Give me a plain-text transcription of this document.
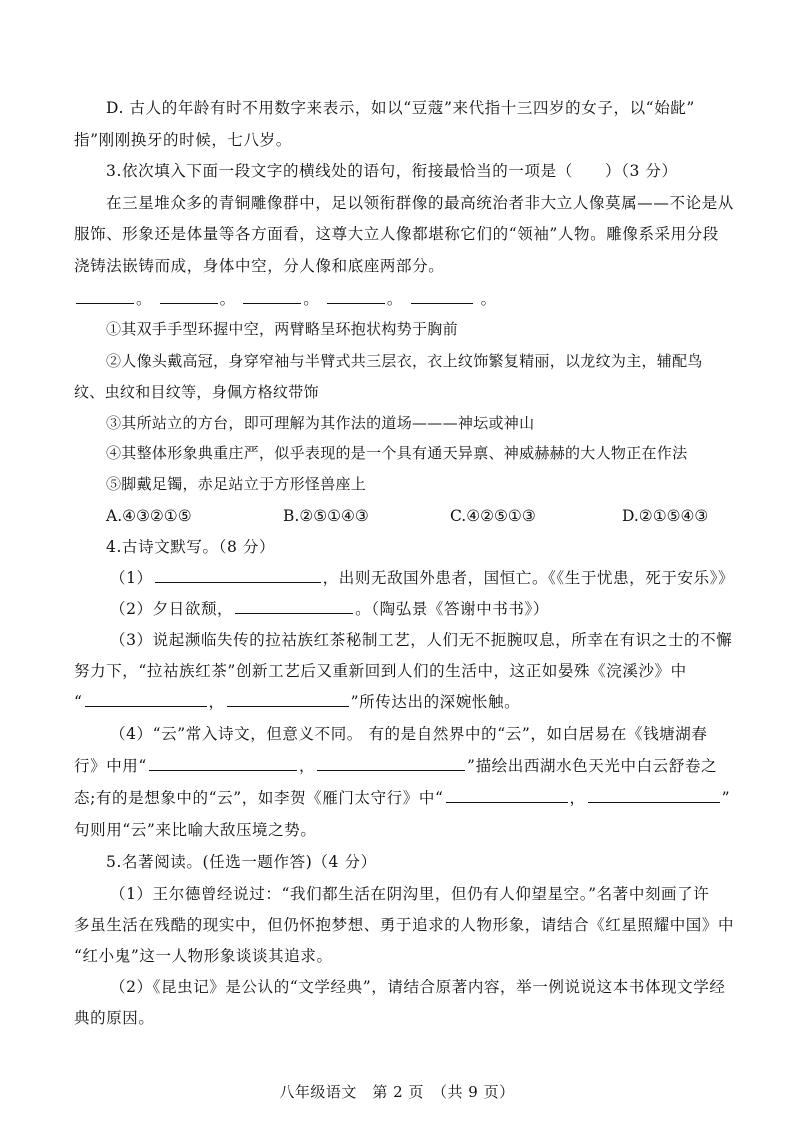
D. 古人的年龄有时不用数字来表示，如以“豆蔻”来代指十三四岁的女子，以“始龀”
指”刚刚换牙的时候，七八岁。
3.依次填入下面一段文字的横线处的语句，衔接最恰当的一项是（　　）（3 分）
在三星堆众多的青铜雕像群中，足以领衔群像的最高统治者非大立人像莫属——不论是从
服饰、形象还是体量等各方面看，这尊大立人像都堪称它们的“领袖”人物。雕像系采用分段
浇铸法嵌铸而成，身体中空，分人像和底座两部分。
。	。	。	。	。
①其双手手型环握中空，两臂略呈环抱状构势于胸前
②人像头戴高冠，身穿窄袖与半臂式共三层衣，衣上纹饰繁复精丽，以龙纹为主，辅配鸟
纹、虫纹和目纹等，身佩方格纹带饰
③其所站立的方台，即可理解为其作法的道场———神坛或神山
④其整体形象典重庄严，似乎表现的是一个具有通天异禀、神威赫赫的大人物正在作法
⑤脚戴足镯，赤足站立于方形怪兽座上
A.④③②①⑤	B.②⑤①④③	C.④②⑤①③	D.②①⑤④③
4.古诗文默写。（8 分）
（1）	，出则无敌国外患者，国恒亡。《《生于忧患，死于安乐》》
（2）夕日欲颓，	。（陶弘景《答谢中书书》）
（3）说起濒临失传的拉祜族红茶秘制工艺，人们无不扼腕叹息，所幸在有识之士的不懈
努力下，“拉祜族红茶”创新工艺后又重新回到人们的生活中，这正如晏殊《浣溪沙》中
“	，	”所传达出的深婉怅触。
（4）“云”常入诗文，但意义不同。 有的是自然界中的“云”，如白居易在《钱塘湖春
行》中用“	，	”描绘出西湖水色天光中白云舒卷之
态;有的是想象中的“云”，如李贺《雁门太守行》中“	，	”
句则用“云”来比喻大敌压境之势。
5.名著阅读。(任选一题作答)（4 分）
（1）王尔德曾经说过：“我们都生活在阴沟里，但仍有人仰望星空。”名著中刻画了许
多虽生活在残酷的现实中，但仍怀抱梦想、勇于追求的人物形象，请结合《红星照耀中国》中
“红小鬼”这一人物形象谈谈其追求。
（2）《昆虫记》是公认的“文学经典”，请结合原著内容，举一例说说这本书体现文学经
典的原因。
八年级语文　第 2 页　（共 9 页）
